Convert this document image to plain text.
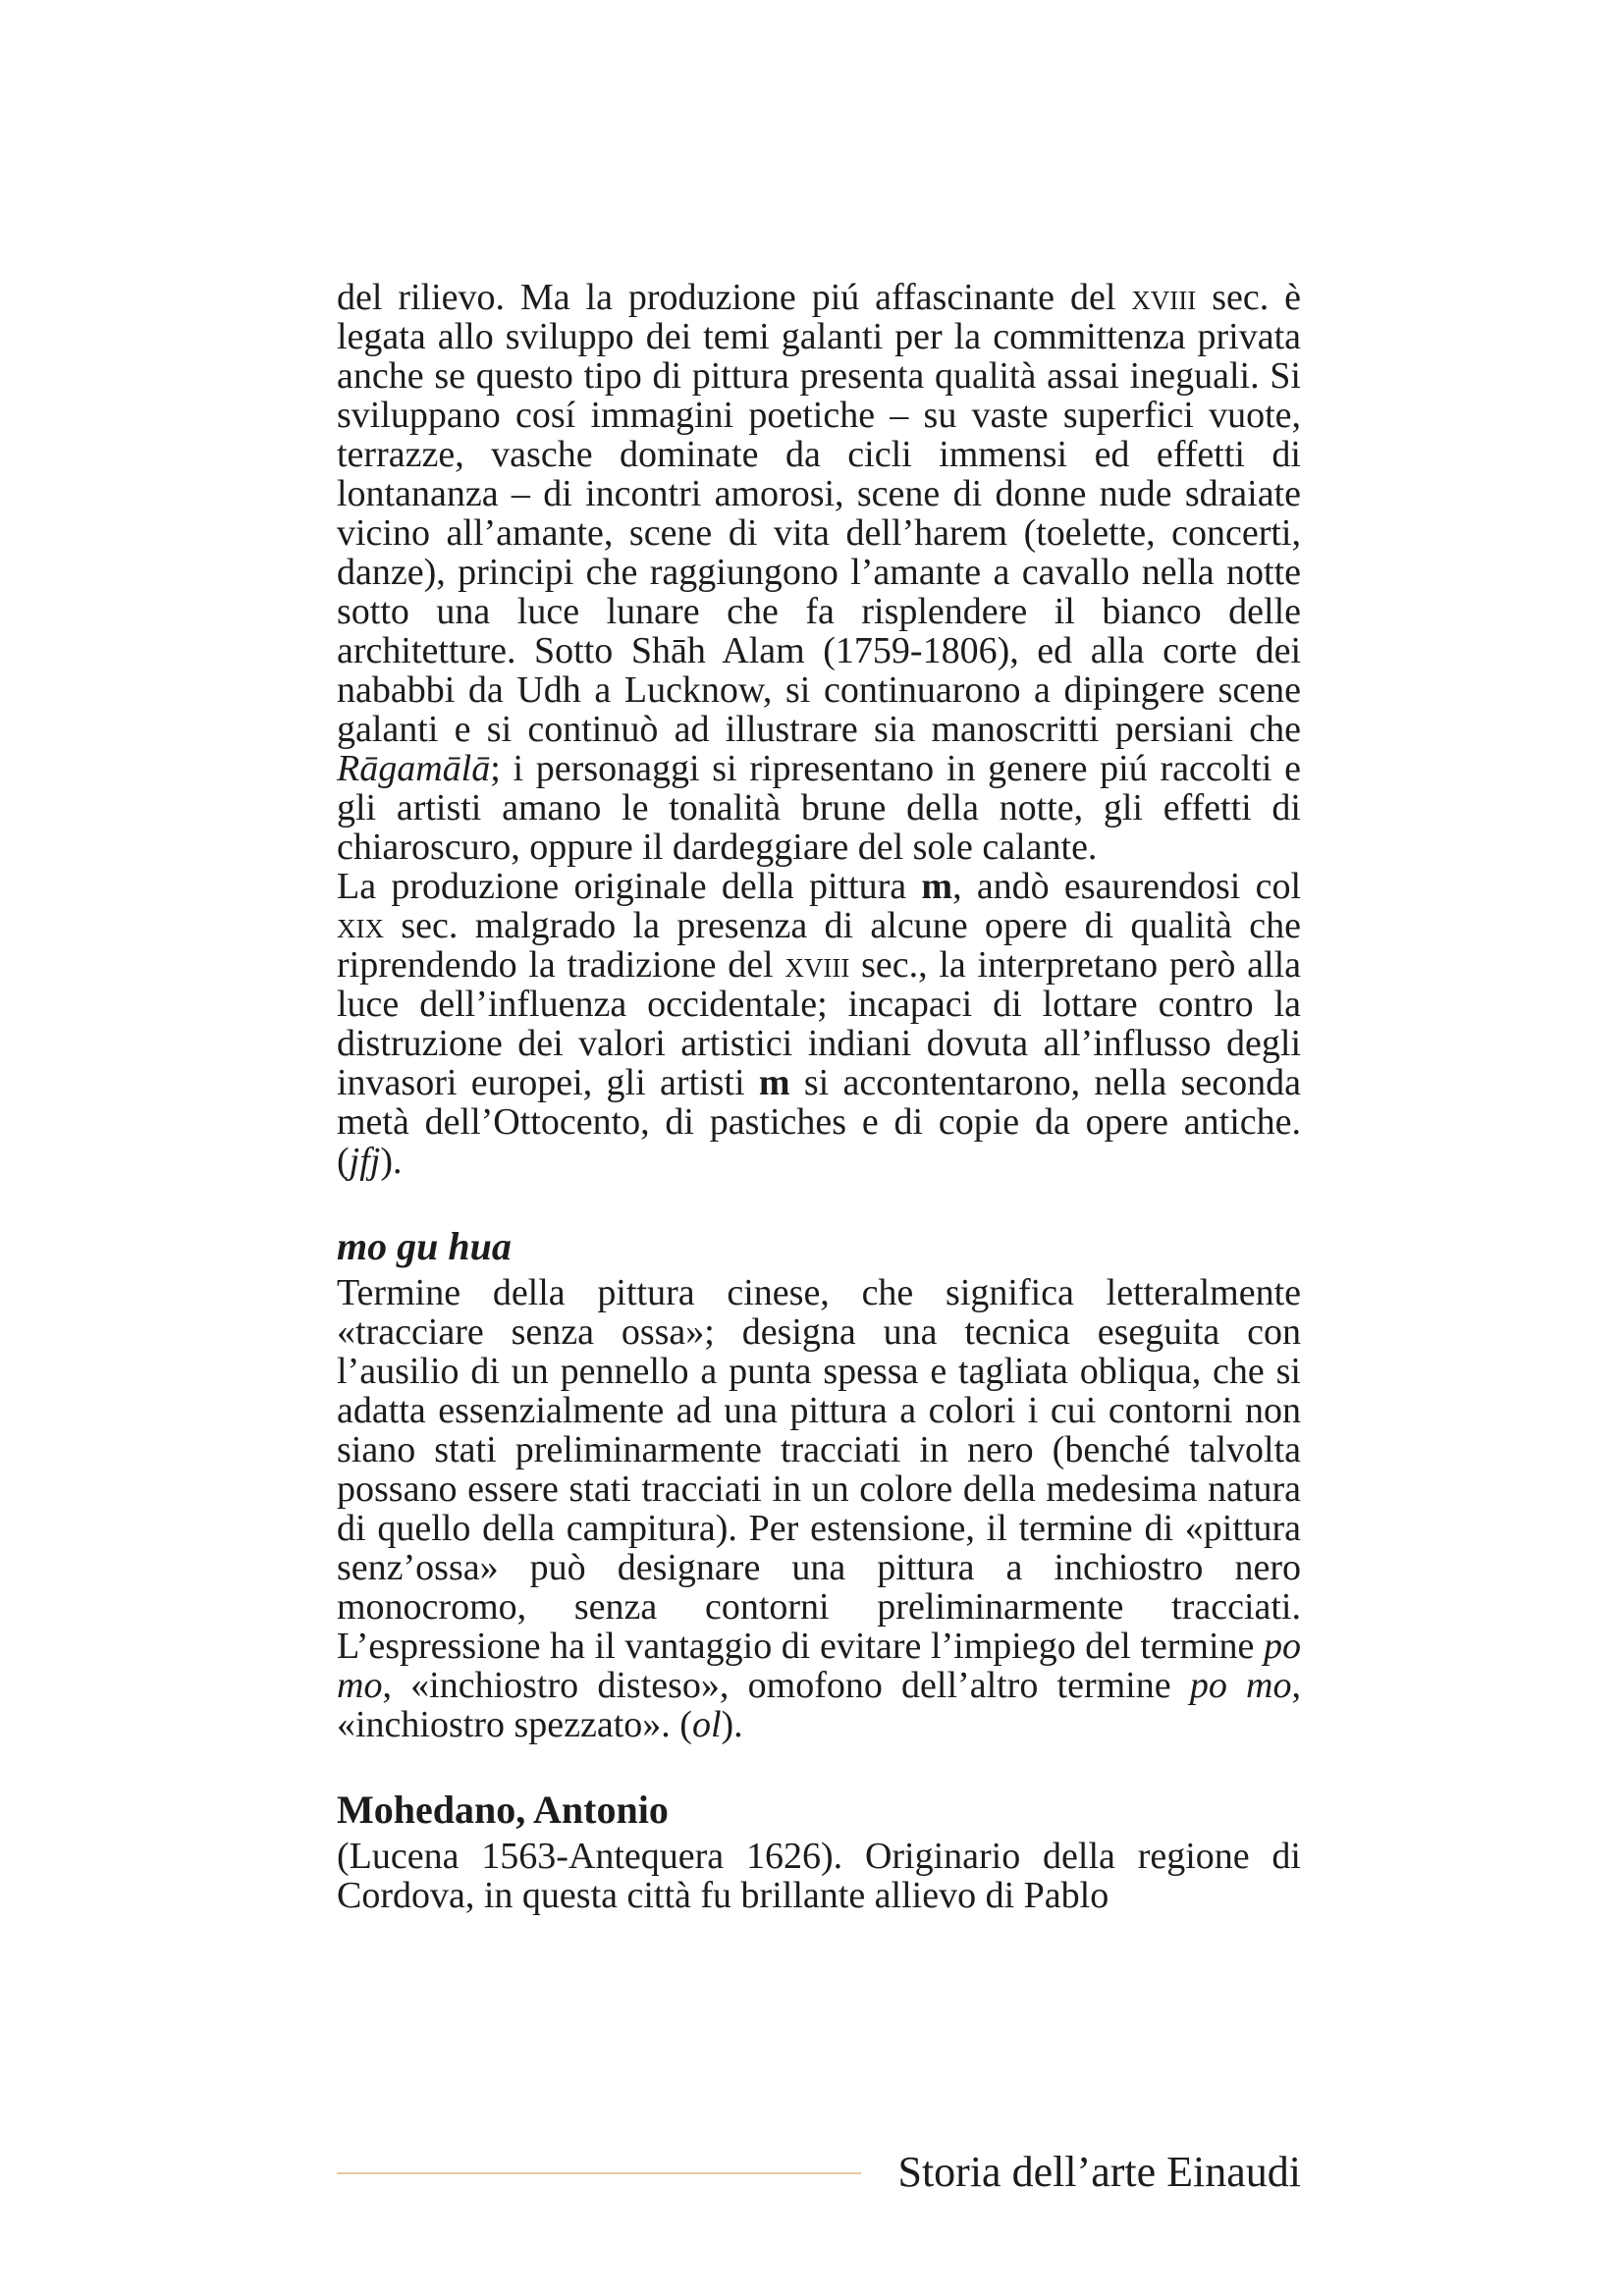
del rilievo. Ma la produzione piú affascinante del xviii sec. è legata allo sviluppo dei temi galanti per la committenza privata anche se questo tipo di pittura presenta qualità assai ineguali. Si sviluppano cosí immagini poetiche – su vaste superfici vuote, terrazze, vasche dominate da cicli immensi ed effetti di lontananza – di incontri amorosi, scene di donne nude sdraiate vicino all’amante, scene di vita dell’harem (toelette, concerti, danze), principi che raggiungono l’amante a cavallo nella notte sotto una luce lunare che fa risplendere il bianco delle architetture. Sotto Shāh Alam (1759-1806), ed alla corte dei nababbi da Udh a Lucknow, si continuarono a dipingere scene galanti e si continuò ad illustrare sia manoscritti persiani che Rāgamālā; i personaggi si ripresentano in genere piú raccolti e gli artisti amano le tonalità brune della notte, gli effetti di chiaroscuro, oppure il dardeggiare del sole calante.

La produzione originale della pittura m, andò esaurendosi col xix sec. malgrado la presenza di alcune opere di qualità che riprendendo la tradizione del xviii sec., la interpretano però alla luce dell’influenza occidentale; incapaci di lottare contro la distruzione dei valori artistici indiani dovuta all’influsso degli invasori europei, gli artisti m si accontentarono, nella seconda metà dell’Ottocento, di pastiches e di copie da opere antiche. (jfj).

mo gu hua

Termine della pittura cinese, che significa letteralmente «tracciare senza ossa»; designa una tecnica eseguita con l’ausilio di un pennello a punta spessa e tagliata obliqua, che si adatta essenzialmente ad una pittura a colori i cui contorni non siano stati preliminarmente tracciati in nero (benché talvolta possano essere stati tracciati in un colore della medesima natura di quello della campitura). Per estensione, il termine di «pittura senz’ossa» può designare una pittura a inchiostro nero monocromo, senza contorni preliminarmente tracciati. L’espressione ha il vantaggio di evitare l’impiego del termine po mo, «inchiostro disteso», omofono dell’altro termine po mo, «inchiostro spezzato». (ol).

Mohedano, Antonio

(Lucena 1563-Antequera 1626). Originario della regione di Cordova, in questa città fu brillante allievo di Pablo

Storia dell’arte Einaudi
